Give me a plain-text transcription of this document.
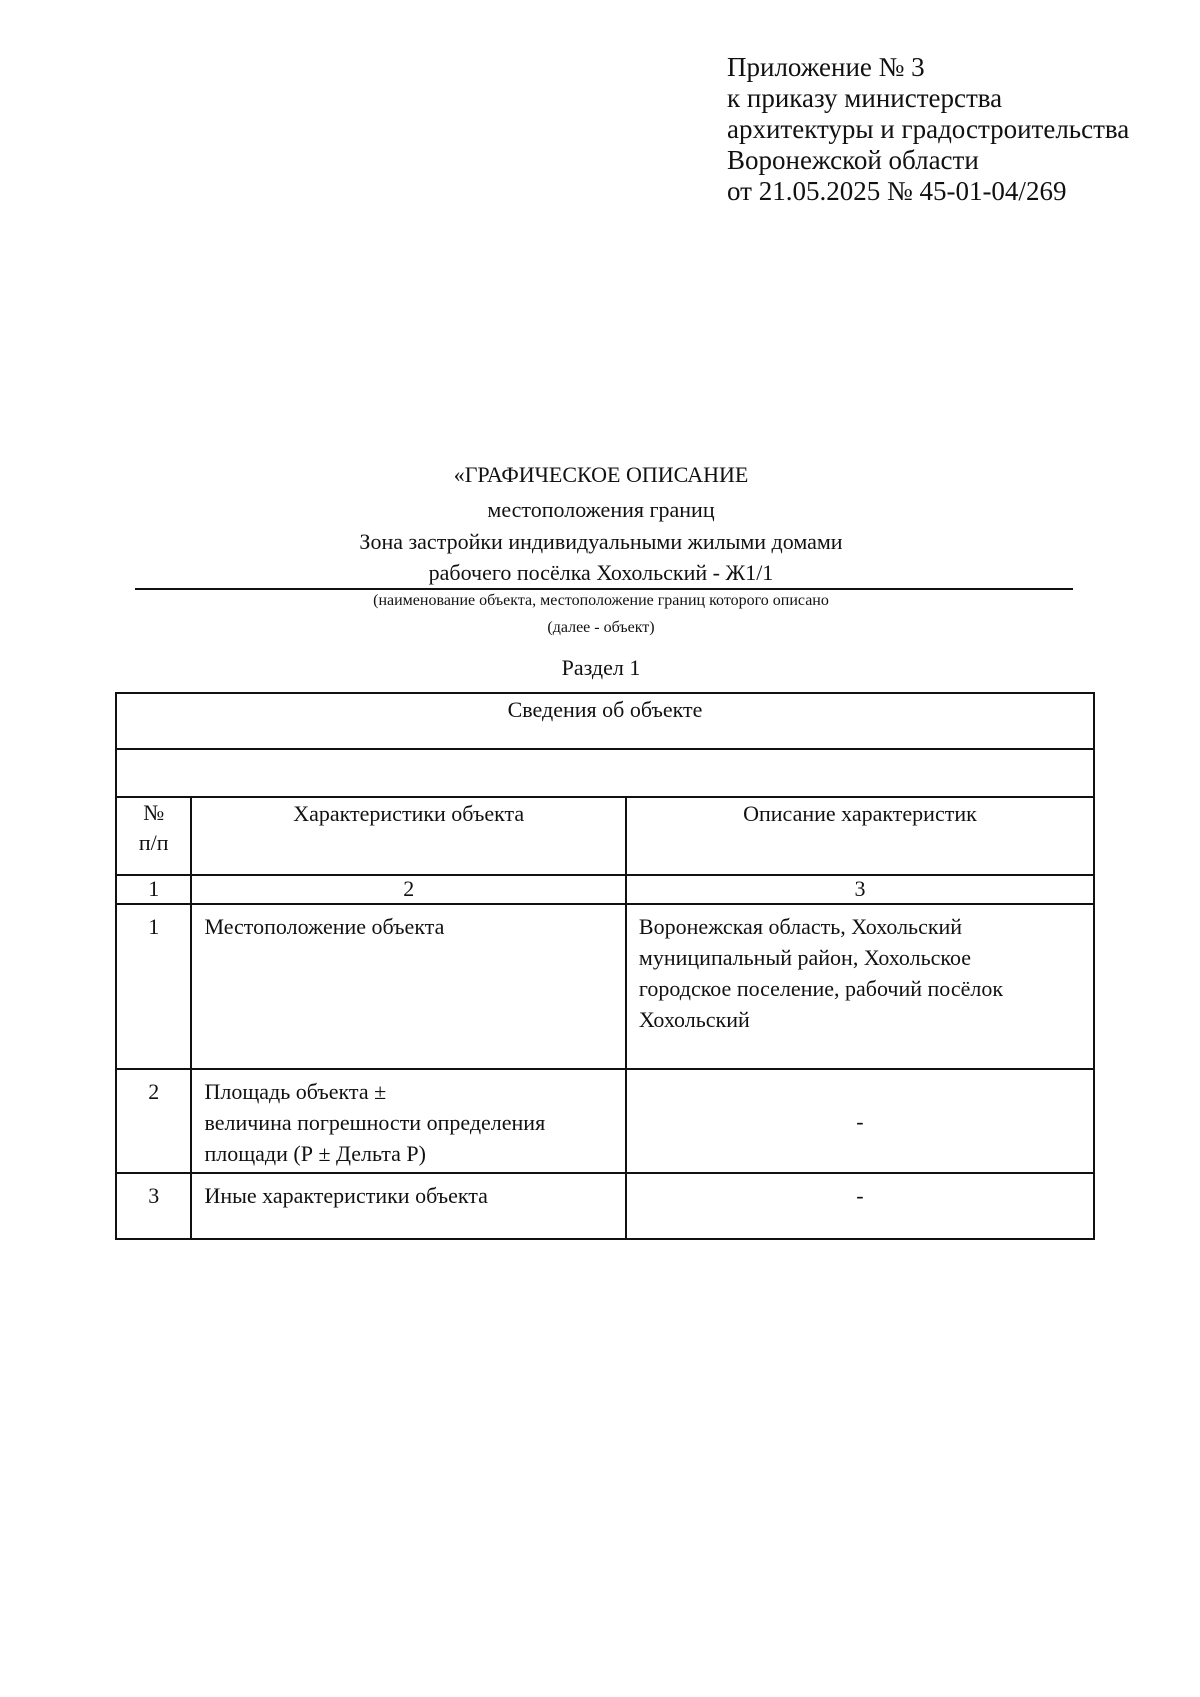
Приложение № 3
к приказу министерства
архитектуры и градостроительства
Воронежской области
от 21.05.2025 № 45-01-04/269
«ГРАФИЧЕСКОЕ ОПИСАНИЕ
местоположения границ
Зона застройки индивидуальными жилыми домами
рабочего посёлка Хохольский - Ж1/1
(наименование объекта, местоположение границ которого описано
(далее - объект)
Раздел 1
Сведения об объекте		

№
п/п	Характеристики объекта	Описание характеристик
1	2	3
1	Местоположение объекта	Воронежская область, Хохольский
муниципальный район, Хохольское
городское поселение, рабочий посёлок
Хохольский

2	Площадь объекта ±
величина погрешности определения
площади (Р ± Дельта Р)	-
3	Иные характеристики объекта	-
